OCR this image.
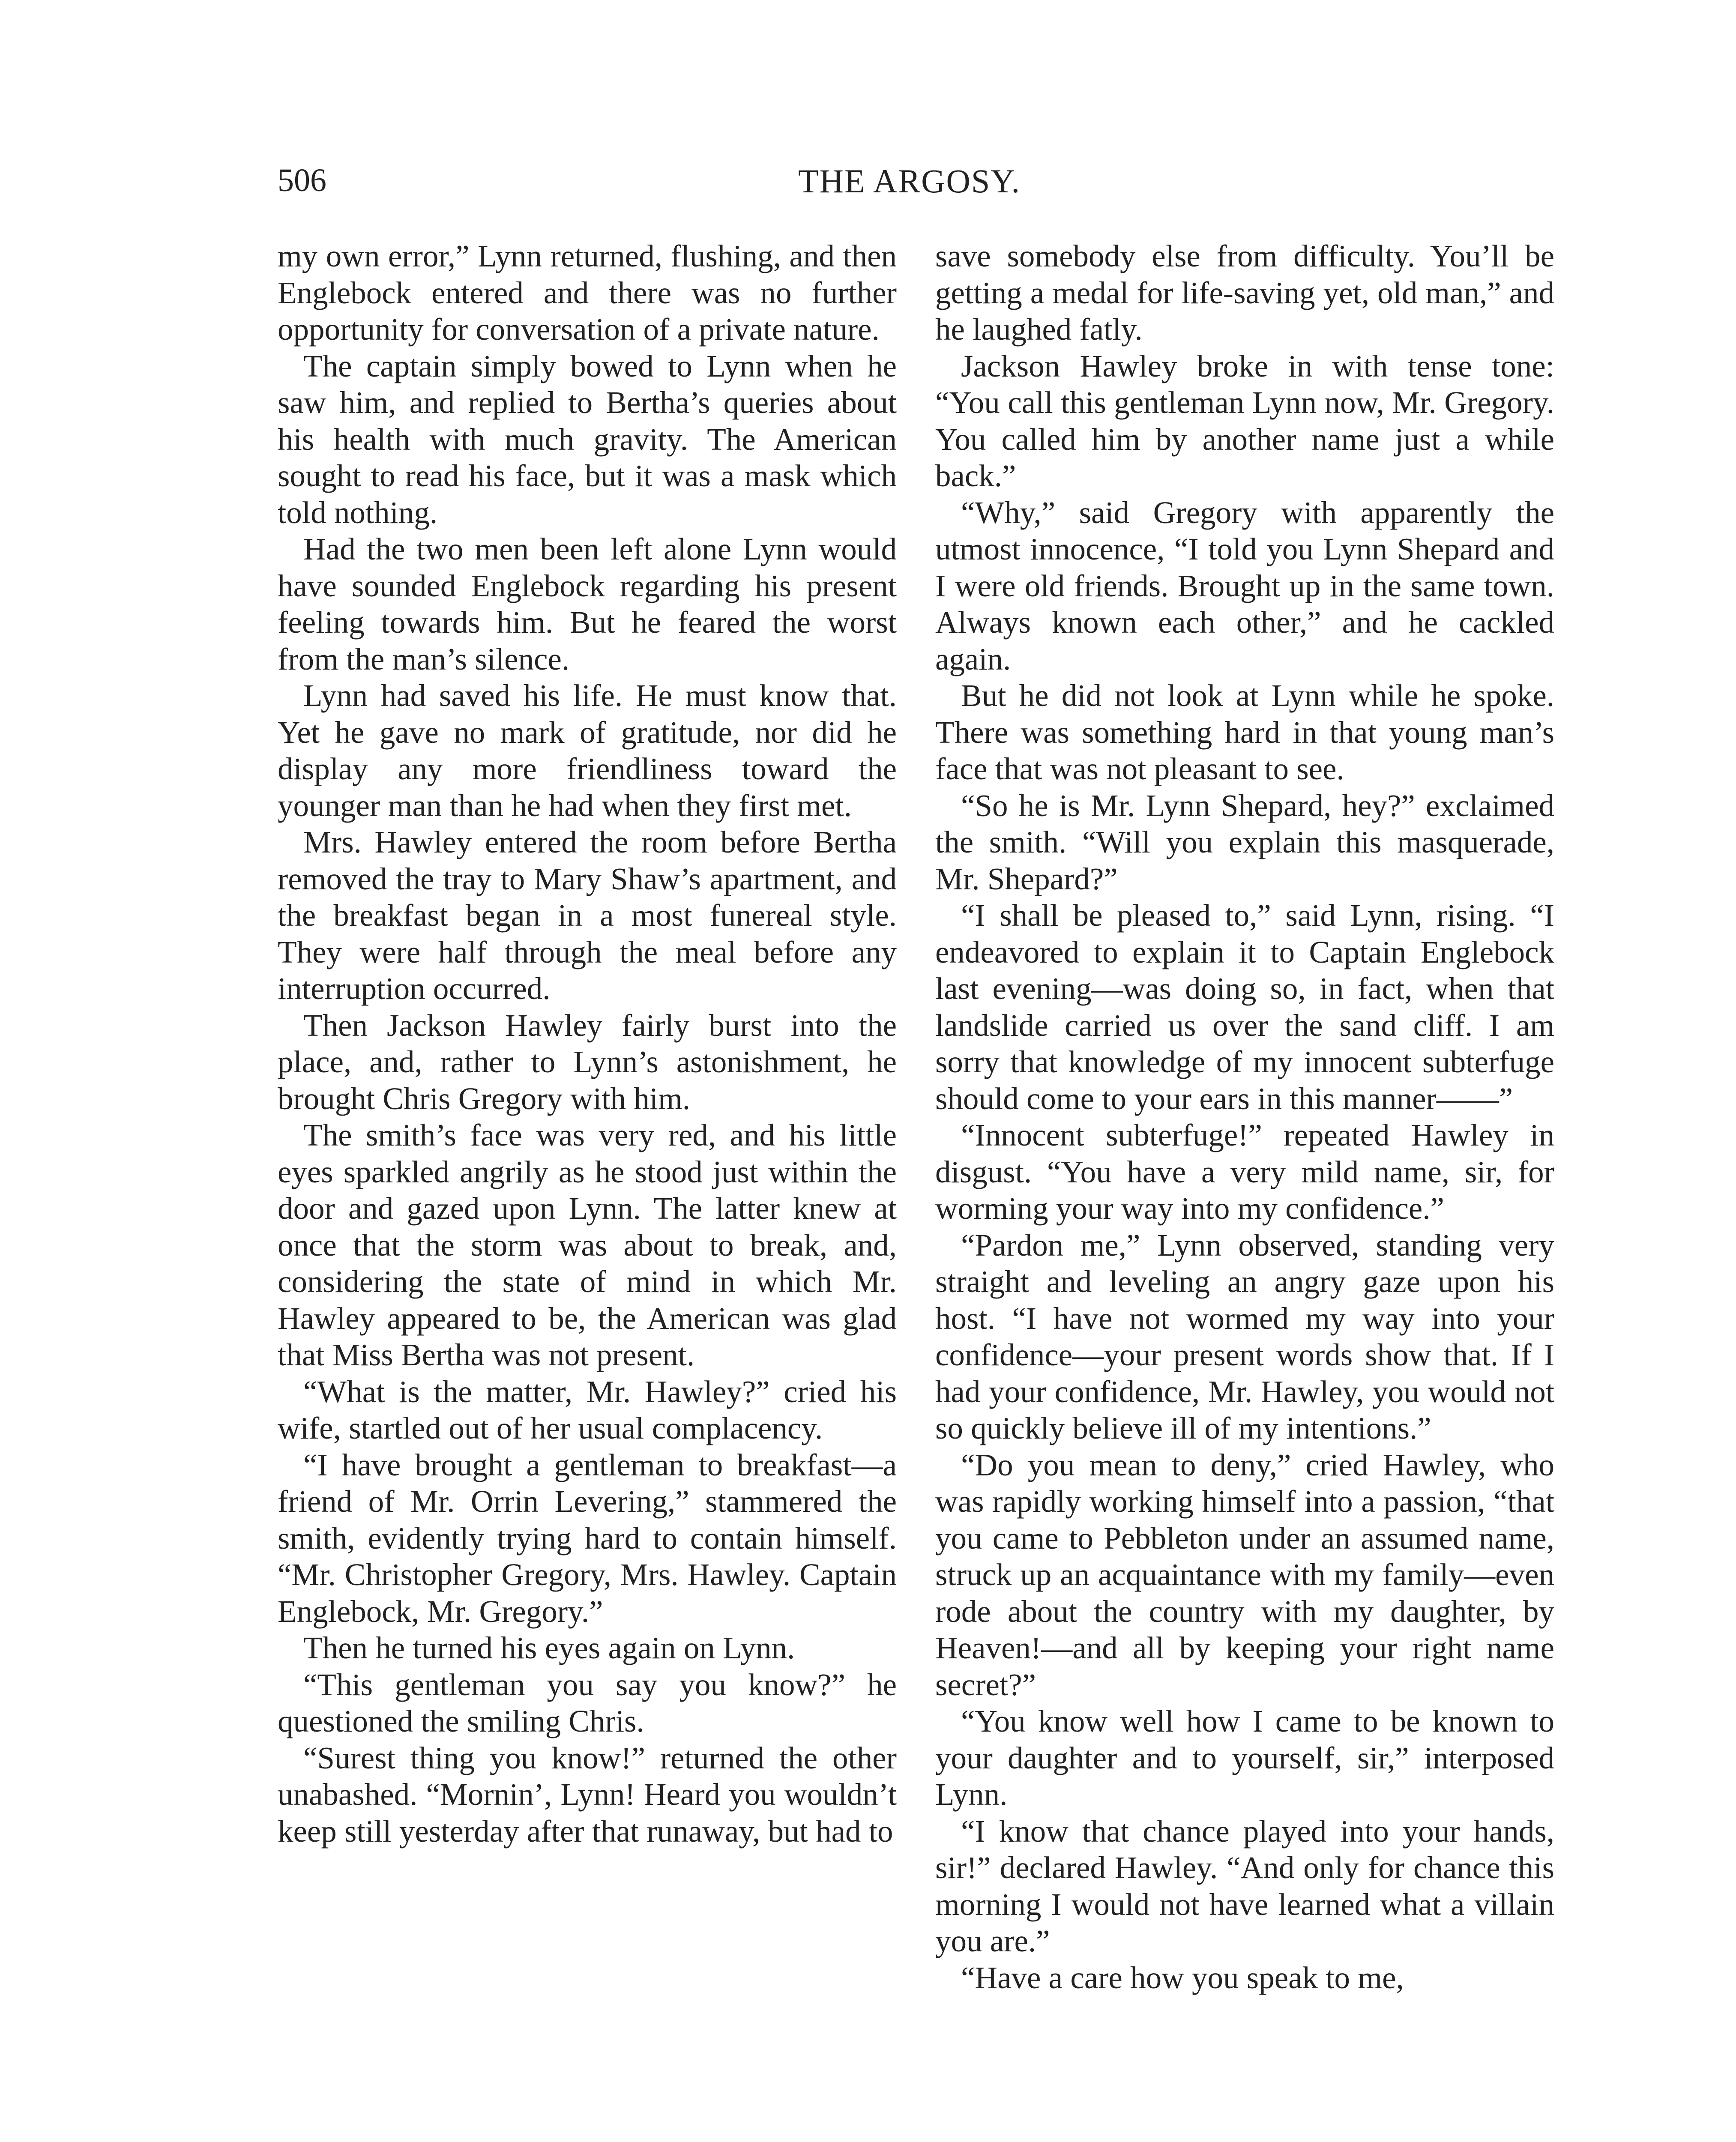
506	THE ARGOSY.

my own error,” Lynn returned, flushing, and then Englebock entered and there was no further opportunity for conversation of a private nature.

The captain simply bowed to Lynn when he saw him, and replied to Bertha’s queries about his health with much gravity. The American sought to read his face, but it was a mask which told nothing.

Had the two men been left alone Lynn would have sounded Englebock regarding his present feeling towards him. But he feared the worst from the man’s silence.

Lynn had saved his life. He must know that. Yet he gave no mark of gratitude, nor did he display any more friendliness toward the younger man than he had when they first met.

Mrs. Hawley entered the room before Bertha removed the tray to Mary Shaw’s apartment, and the breakfast began in a most funereal style. They were half through the meal before any interruption occurred.

Then Jackson Hawley fairly burst into the place, and, rather to Lynn’s astonishment, he brought Chris Gregory with him.

The smith’s face was very red, and his little eyes sparkled angrily as he stood just within the door and gazed upon Lynn. The latter knew at once that the storm was about to break, and, considering the state of mind in which Mr. Hawley appeared to be, the American was glad that Miss Bertha was not present.

“What is the matter, Mr. Hawley?” cried his wife, startled out of her usual complacency.

“I have brought a gentleman to breakfast—a friend of Mr. Orrin Levering,” stammered the smith, evidently trying hard to contain himself. “Mr. Christopher Gregory, Mrs. Hawley. Captain Englebock, Mr. Gregory.”

Then he turned his eyes again on Lynn.

“This gentleman you say you know?” he questioned the smiling Chris.

“Surest thing you know!” returned the other unabashed. “Mornin’, Lynn! Heard you wouldn’t keep still yesterday after that runaway, but had to

save somebody else from difficulty. You’ll be getting a medal for life-saving yet, old man,” and he laughed fatly.

Jackson Hawley broke in with tense tone: “You call this gentleman Lynn now, Mr. Gregory. You called him by another name just a while back.”

“Why,” said Gregory with apparently the utmost innocence, “I told you Lynn Shepard and I were old friends. Brought up in the same town. Always known each other,” and he cackled again.

But he did not look at Lynn while he spoke. There was something hard in that young man’s face that was not pleasant to see.

“So he is Mr. Lynn Shepard, hey?” exclaimed the smith. “Will you explain this masquerade, Mr. Shepard?”

“I shall be pleased to,” said Lynn, rising. “I endeavored to explain it to Captain Englebock last evening—was doing so, in fact, when that landslide carried us over the sand cliff. I am sorry that knowledge of my innocent subterfuge should come to your ears in this manner——”

“Innocent subterfuge!” repeated Hawley in disgust. “You have a very mild name, sir, for worming your way into my confidence.”

“Pardon me,” Lynn observed, standing very straight and leveling an angry gaze upon his host. “I have not wormed my way into your confidence—your present words show that. If I had your confidence, Mr. Hawley, you would not so quickly believe ill of my intentions.”

“Do you mean to deny,” cried Hawley, who was rapidly working himself into a passion, “that you came to Pebbleton under an assumed name, struck up an acquaintance with my family—even rode about the country with my daughter, by Heaven!—and all by keeping your right name secret?”

“You know well how I came to be known to your daughter and to yourself, sir,” interposed Lynn.

“I know that chance played into your hands, sir!” declared Hawley. “And only for chance this morning I would not have learned what a villain you are.”

“Have a care how you speak to me,
